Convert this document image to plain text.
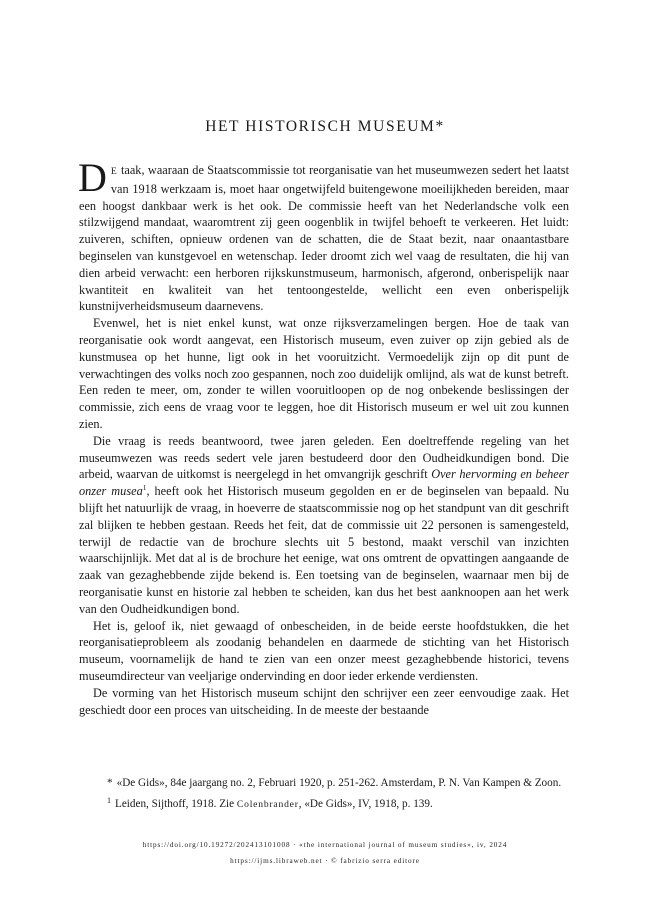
HET HISTORISCH MUSEUM*

D E taak, waaraan de Staatscommissie tot reorganisatie van het museumwezen sedert het laatst van 1918 werkzaam is, moet haar ongetwijfeld buitengewone moeilijkheden bereiden, maar een hoogst dankbaar werk is het ook. De commissie heeft van het Nederlandsche volk een stilzwijgend mandaat, waaromtrent zij geen oogenblik in twijfel behoeft te verkeeren. Het luidt: zuiveren, schiften, opnieuw ordenen van de schatten, die de Staat bezit, naar onaantastbare beginselen van kunstgevoel en wetenschap. Ieder droomt zich wel vaag de resultaten, die hij van dien arbeid verwacht: een herboren rijkskunstmuseum, harmonisch, afgerond, onberispelijk naar kwantiteit en kwaliteit van het tentoongestelde, wellicht een even onberispelijk kunstnijverheidsmuseum daarnevens.

Evenwel, het is niet enkel kunst, wat onze rijksverzamelingen bergen. Hoe de taak van reorganisatie ook wordt aangevat, een Historisch museum, even zuiver op zijn gebied als de kunstmusea op het hunne, ligt ook in het vooruitzicht. Vermoedelijk zijn op dit punt de verwachtingen des volks noch zoo gespannen, noch zoo duidelijk omlijnd, als wat de kunst betreft. Een reden te meer, om, zonder te willen vooruitloopen op de nog onbekende beslissingen der commissie, zich eens de vraag voor te leggen, hoe dit Historisch museum er wel uit zou kunnen zien.

Die vraag is reeds beantwoord, twee jaren geleden. Een doeltreffende regeling van het museumwezen was reeds sedert vele jaren bestudeerd door den Oudheidkundigen bond. Die arbeid, waarvan de uitkomst is neergelegd in het omvangrijk geschrift Over hervorming en beheer onzer musea$^1$, heeft ook het Historisch museum gegolden en er de beginselen van bepaald. Nu blijft het natuurlijk de vraag, in hoeverre de staatscommissie nog op het standpunt van dit geschrift zal blijken te hebben gestaan. Reeds het feit, dat de commissie uit 22 personen is samengesteld, terwijl de redactie van de brochure slechts uit 5 bestond, maakt verschil van inzichten waarschijnlijk. Met dat al is de brochure het eenige, wat ons omtrent de opvattingen aangaande de zaak van gezaghebbende zijde bekend is. Een toetsing van de beginselen, waarnaar men bij de reorganisatie kunst en historie zal hebben te scheiden, kan dus het best aanknoopen aan het werk van den Oudheidkundigen bond.

Het is, geloof ik, niet gewaagd of onbescheiden, in de beide eerste hoofdstukken, die het reorganisatieprobleem als zoodanig behandelen en daarmede de stichting van het Historisch museum, voornamelijk de hand te zien van een onzer meest gezaghebbende historici, tevens museumdirecteur van veeljarige ondervinding en door ieder erkende verdiensten.

De vorming van het Historisch museum schijnt den schrijver een zeer eenvoudige zaak. Het geschiedt door een proces van uitscheiding. In de meeste der bestaande

* «De Gids», 84e jaargang no. 2, Februari 1920, p. 251-262. Amsterdam, P. N. Van Kampen & Zoon.

1 Leiden, Sijthoff, 1918. Zie Colenbrander, «De Gids», IV, 1918, p. 139.

https://doi.org/10.19272/202413101008 · «the international journal of museum studies», iv, 2024
https://ijms.libraweb.net · © fabrizio serra editore
